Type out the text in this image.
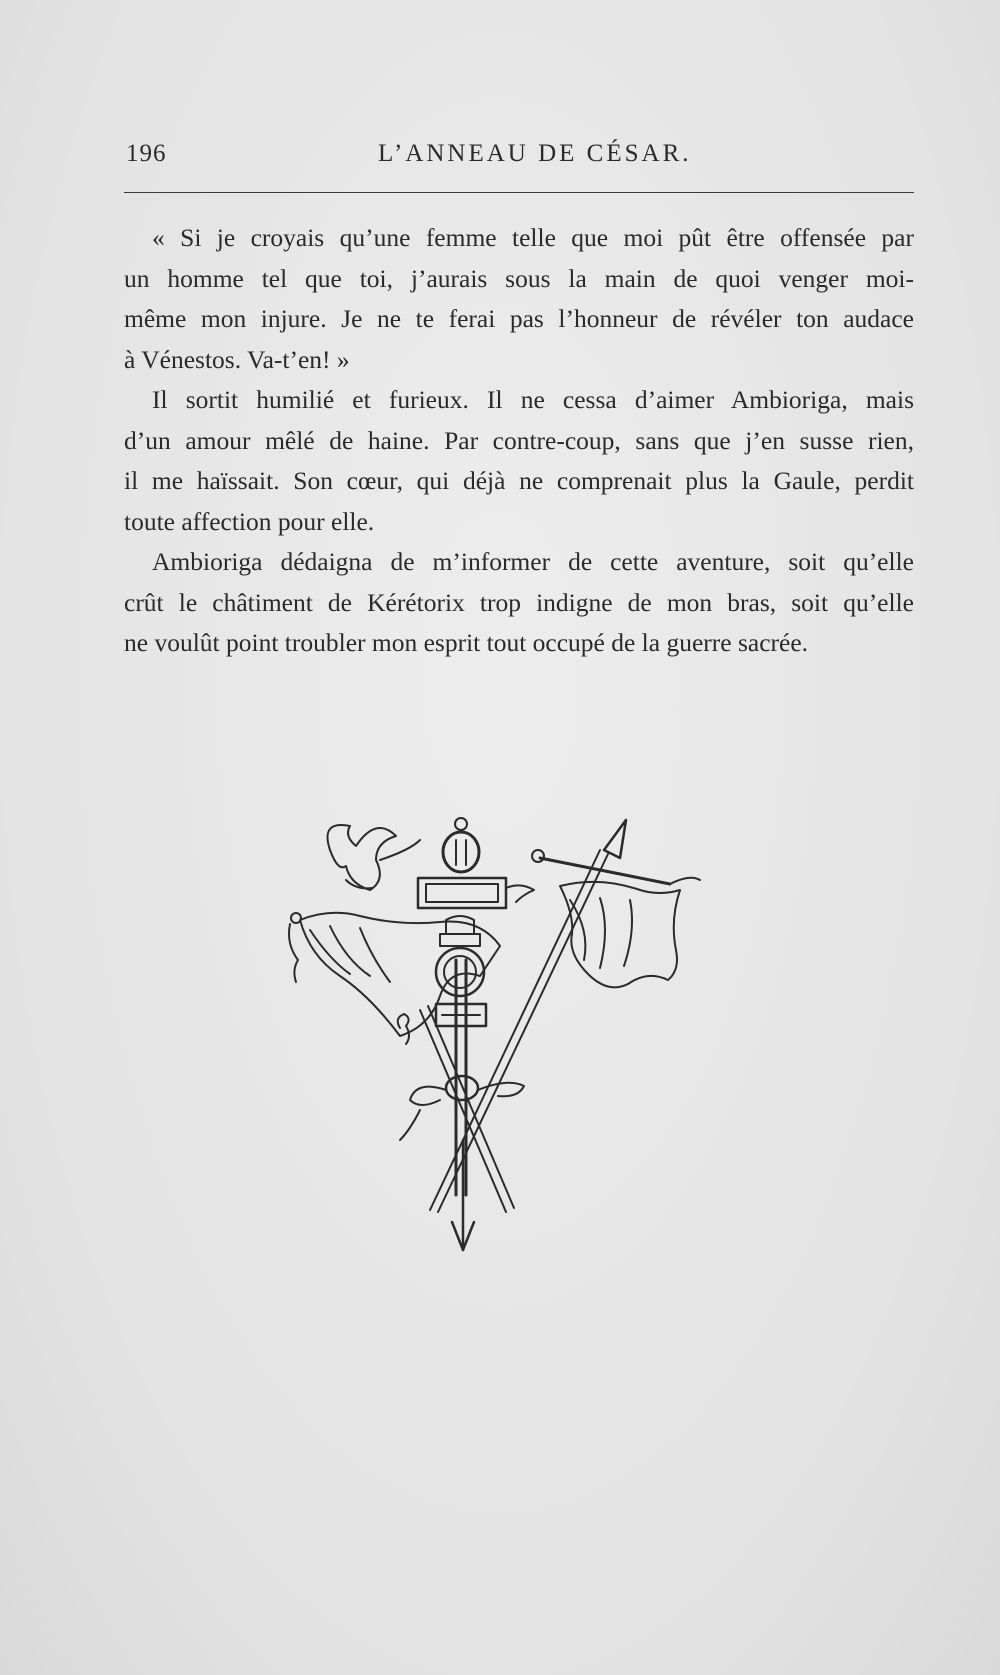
196	L’ANNEAU DE CÉSAR.
« Si je croyais qu’une femme telle que moi pût être offensée par
un homme tel que toi, j’aurais sous la main de quoi venger moi-
même mon injure. Je ne te ferai pas l’honneur de révéler ton audace
à Vénestos. Va-t’en! »
Il sortit humilié et furieux. Il ne cessa d’aimer Ambioriga, mais
d’un amour mêlé de haine. Par contre-coup, sans que j’en susse rien,
il me haïssait. Son cœur, qui déjà ne comprenait plus la Gaule, perdit
toute affection pour elle.
Ambioriga dédaigna de m’informer de cette aventure, soit qu’elle
crût le châtiment de Kérétorix trop indigne de mon bras, soit qu’elle
ne voulût point troubler mon esprit tout occupé de la guerre sacrée.
